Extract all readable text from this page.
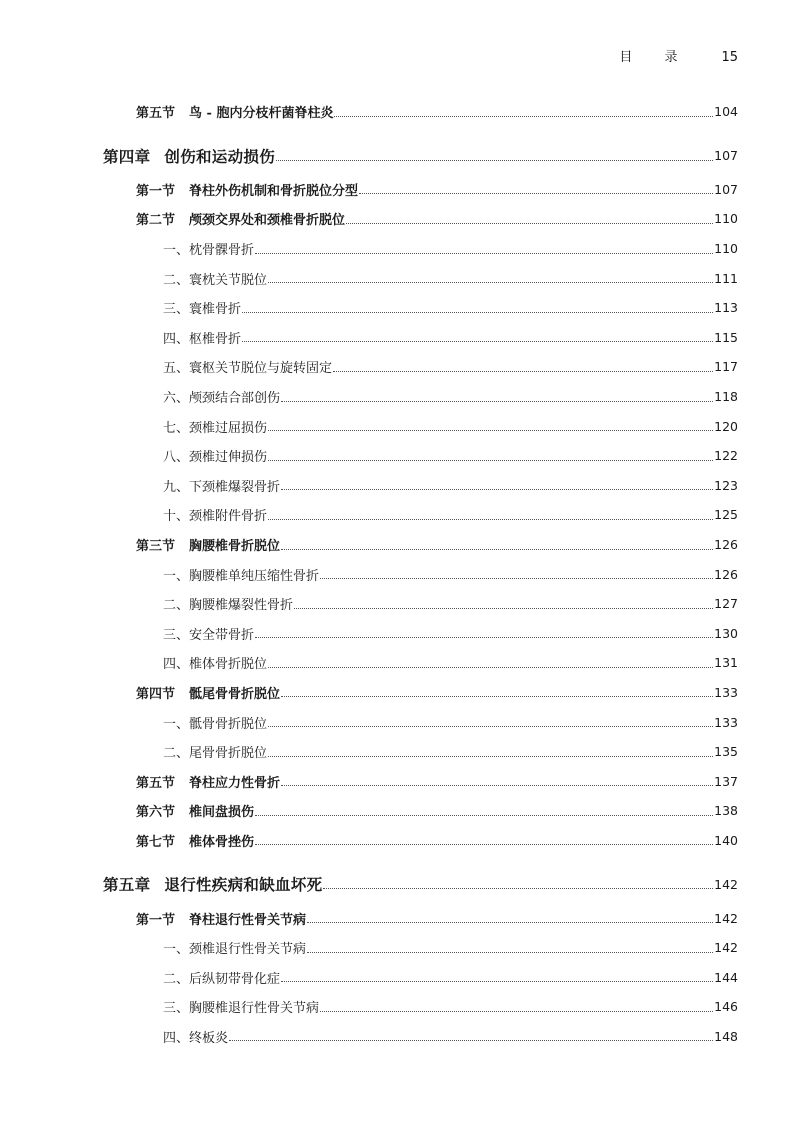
目 录 15
第五节 鸟 - 胞内分枝杆菌脊柱炎	104
第四章 创伤和运动损伤	107
第一节 脊柱外伤机制和骨折脱位分型	107
第二节 颅颈交界处和颈椎骨折脱位	110
一、枕骨髁骨折	110
二、寰枕关节脱位	111
三、寰椎骨折	113
四、枢椎骨折	115
五、寰枢关节脱位与旋转固定	117
六、颅颈结合部创伤	118
七、颈椎过屈损伤	120
八、颈椎过伸损伤	122
九、下颈椎爆裂骨折	123
十、颈椎附件骨折	125
第三节 胸腰椎骨折脱位	126
一、胸腰椎单纯压缩性骨折	126
二、胸腰椎爆裂性骨折	127
三、安全带骨折	130
四、椎体骨折脱位	131
第四节 骶尾骨骨折脱位	133
一、骶骨骨折脱位	133
二、尾骨骨折脱位	135
第五节 脊柱应力性骨折	137
第六节 椎间盘损伤	138
第七节 椎体骨挫伤	140
第五章 退行性疾病和缺血坏死	142
第一节 脊柱退行性骨关节病	142
一、颈椎退行性骨关节病	142
二、后纵韧带骨化症	144
三、胸腰椎退行性骨关节病	146
四、终板炎	148
